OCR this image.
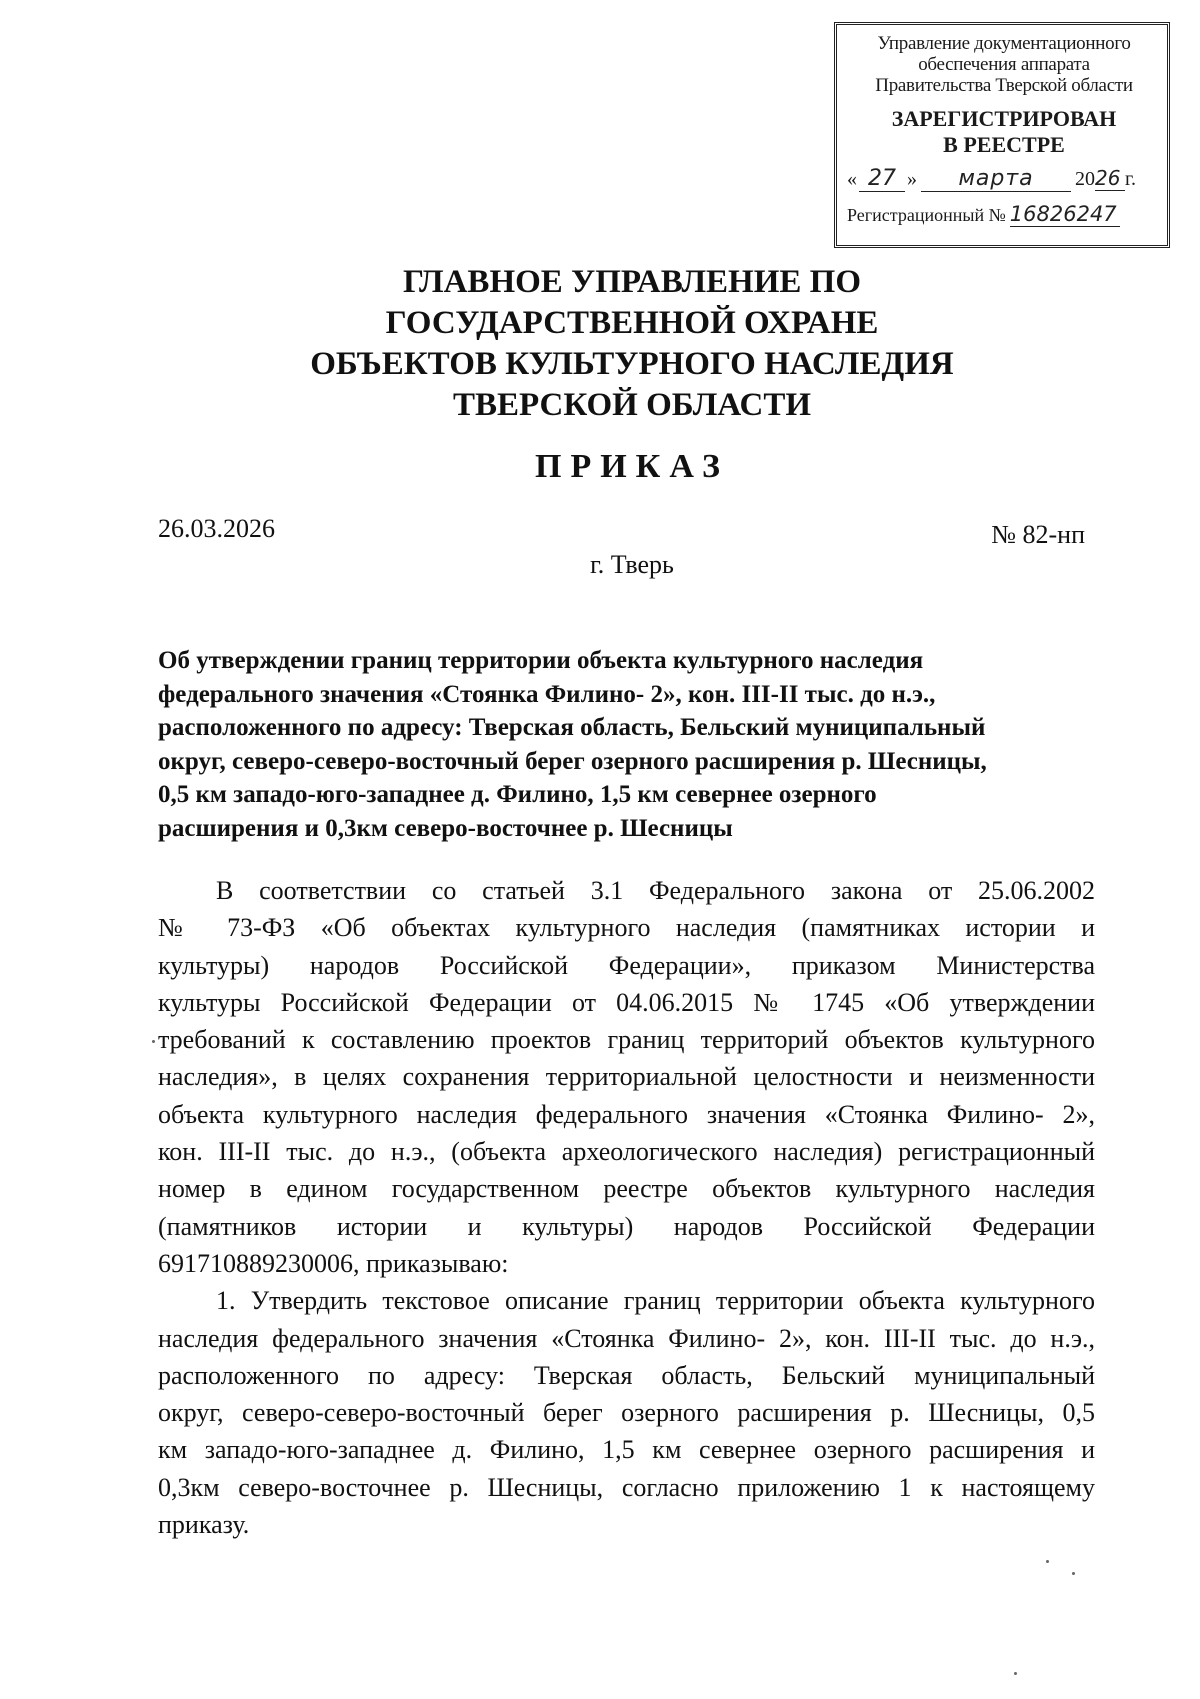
Управление документационного
обеспечения аппарата
Правительства Тверской области
ЗАРЕГИСТРИРОВАН
В РЕЕСТРЕ
« 27 »	марта	20 26 г.
Регистрационный № 16826247
ГЛАВНОЕ УПРАВЛЕНИЕ ПО
ГОСУДАРСТВЕННОЙ ОХРАНЕ
ОБЪЕКТОВ КУЛЬТУРНОГО НАСЛЕДИЯ
ТВЕРСКОЙ ОБЛАСТИ
ПРИКАЗ
26.03.2026	№ 82-нп
г. Тверь
Об утверждении границ территории объекта культурного наследия
федерального значения «Стоянка Филино- 2», кон. III-II тыс. до н.э.,
расположенного по адресу: Тверская область, Бельский муниципальный
округ, северо-северо-восточный берег озерного расширения р. Шесницы,
0,5 км западо-юго-западнее д. Филино, 1,5 км севернее озерного
расширения и 0,3км северо-восточнее р. Шесницы
В соответствии со статьей 3.1 Федерального закона от 25.06.2002
№ 73-ФЗ «Об объектах культурного наследия (памятниках истории и
культуры) народов Российской Федерации», приказом Министерства
культуры Российской Федерации от 04.06.2015 № 1745 «Об утверждении
требований к составлению проектов границ территорий объектов культурного
наследия», в целях сохранения территориальной целостности и неизменности
объекта культурного наследия федерального значения «Стоянка Филино- 2»,
кон. III-II тыс. до н.э., (объекта археологического наследия) регистрационный
номер в едином государственном реестре объектов культурного наследия
(памятников истории и культуры) народов Российской Федерации
691710889230006, приказываю:
1. Утвердить текстовое описание границ территории объекта культурного
наследия федерального значения «Стоянка Филино- 2», кон. III-II тыс. до н.э.,
расположенного по адресу: Тверская область, Бельский муниципальный
округ, северо-северо-восточный берег озерного расширения р. Шесницы, 0,5
км западо-юго-западнее д. Филино, 1,5 км севернее озерного расширения и
0,3км северо-восточнее р. Шесницы, согласно приложению 1 к настоящему
приказу.
